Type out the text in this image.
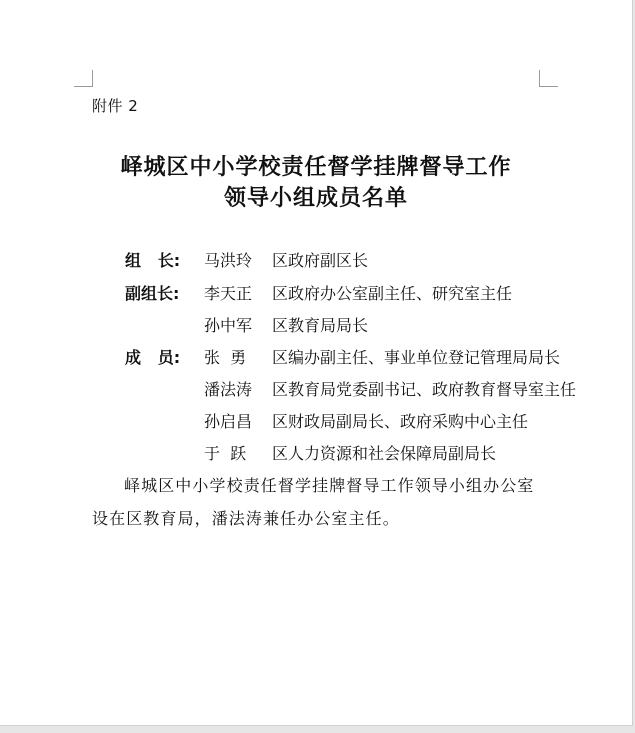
附件 2
峄城区中小学校责任督学挂牌督导工作
领导小组成员名单
组   长: 马洪玲 区政府副区长
副组长: 李天正 区政府办公室副主任、研究室主任
孙中军 区教育局局长
成   员: 张  勇 区编办副主任、事业单位登记管理局局长
潘法涛 区教育局党委副书记、政府教育督导室主任
孙启昌 区财政局副局长、政府采购中心主任
于  跃 区人力资源和社会保障局副局长
峄城区中小学校责任督学挂牌督导工作领导小组办公室
设在区教育局，潘法涛兼任办公室主任。
